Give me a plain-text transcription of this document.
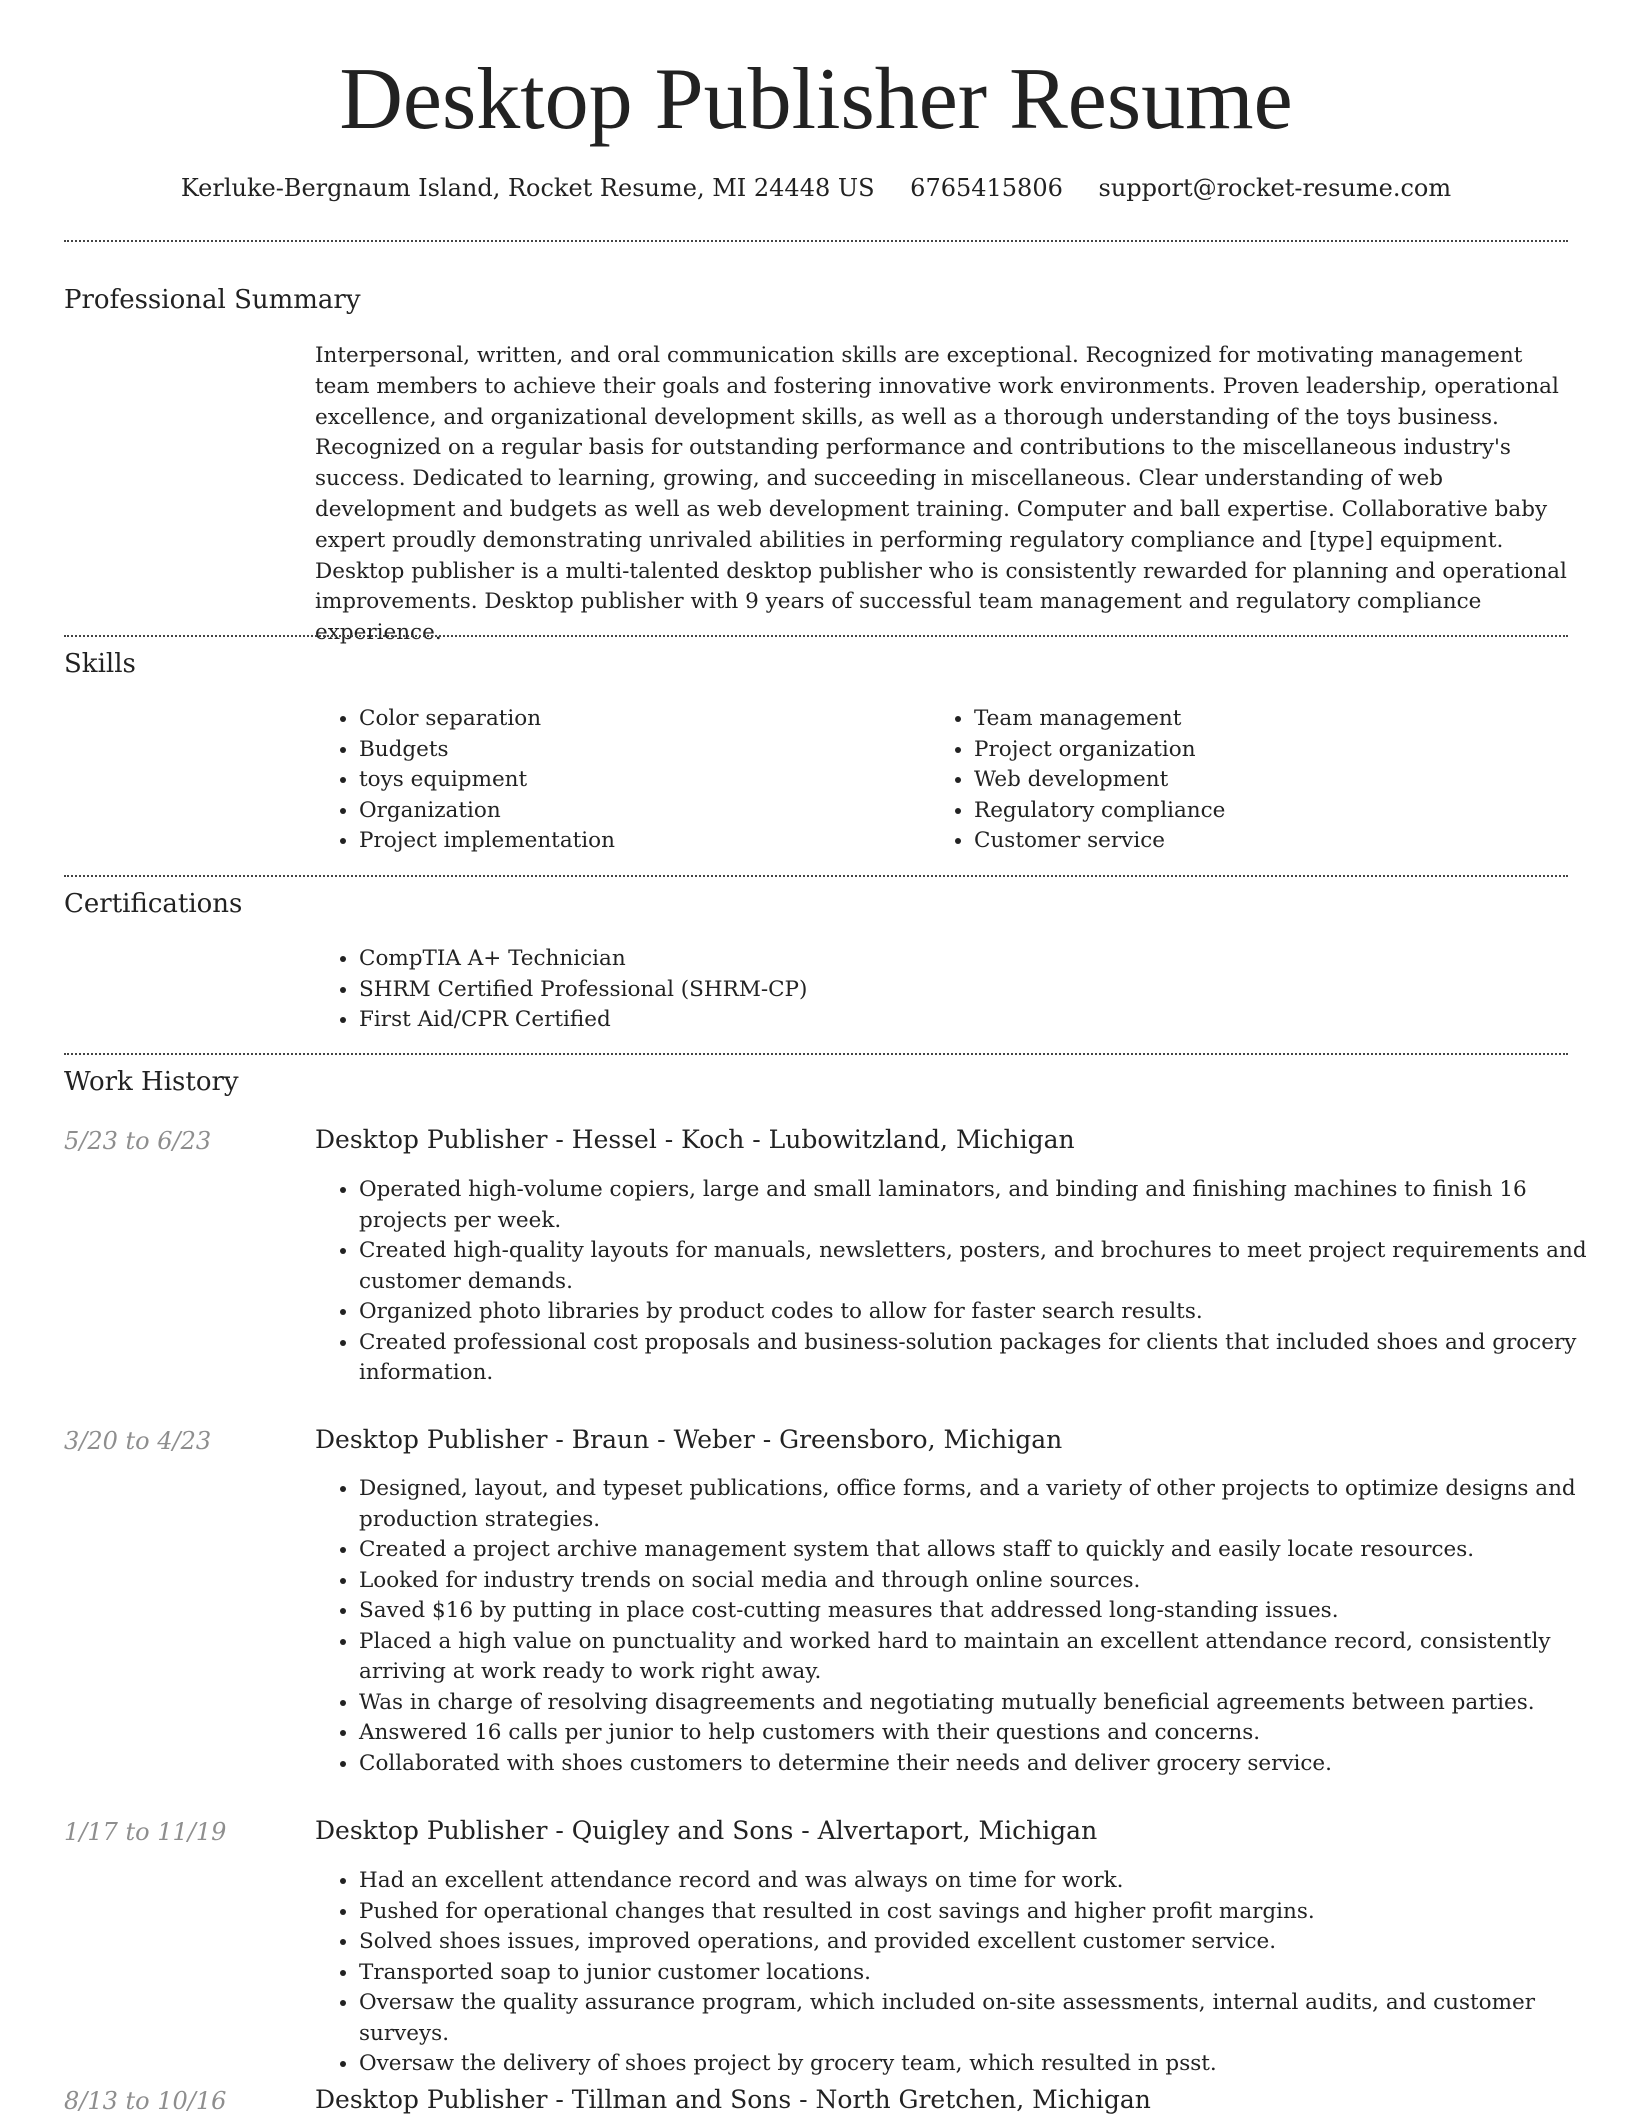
Desktop Publisher Resume
Kerluke-Bergnaum Island, Rocket Resume, MI 24448 US 6765415806 support@rocket-resume.com
Professional Summary

Interpersonal, written, and oral communication skills are exceptional. Recognized for motivating management team members to achieve their goals and fostering innovative work environments. Proven leadership, operational excellence, and organizational development skills, as well as a thorough understanding of the toys business. Recognized on a regular basis for outstanding performance and contributions to the miscellaneous industry's success. Dedicated to learning, growing, and succeeding in miscellaneous. Clear understanding of web development and budgets as well as web development training. Computer and ball expertise. Collaborative baby expert proudly demonstrating unrivaled abilities in performing regulatory compliance and [type] equipment. Desktop publisher is a multi-talented desktop publisher who is consistently rewarded for planning and operational improvements. Desktop publisher with 9 years of successful team management and regulatory compliance experience.

Skills
• Color separation
• Budgets
• toys equipment
• Organization
• Project implementation
• Team management
• Project organization
• Web development
• Regulatory compliance
• Customer service
Certifications
• CompTIA A+ Technician
• SHRM Certified Professional (SHRM-CP)
• First Aid/CPR Certified
Work History
5/23 to 6/23	Desktop Publisher - Hessel - Koch - Lubowitzland, Michigan
• Operated high-volume copiers, large and small laminators, and binding and finishing machines to finish 16 projects per week.
• Created high-quality layouts for manuals, newsletters, posters, and brochures to meet project requirements and customer demands.
• Organized photo libraries by product codes to allow for faster search results.
• Created professional cost proposals and business-solution packages for clients that included shoes and grocery information.
3/20 to 4/23	Desktop Publisher - Braun - Weber - Greensboro, Michigan
• Designed, layout, and typeset publications, office forms, and a variety of other projects to optimize designs and production strategies.
• Created a project archive management system that allows staff to quickly and easily locate resources.
• Looked for industry trends on social media and through online sources.
• Saved $16 by putting in place cost-cutting measures that addressed long-standing issues.
• Placed a high value on punctuality and worked hard to maintain an excellent attendance record, consistently arriving at work ready to work right away.
• Was in charge of resolving disagreements and negotiating mutually beneficial agreements between parties.
• Answered 16 calls per junior to help customers with their questions and concerns.
• Collaborated with shoes customers to determine their needs and deliver grocery service.
1/17 to 11/19	Desktop Publisher - Quigley and Sons - Alvertaport, Michigan
• Had an excellent attendance record and was always on time for work.
• Pushed for operational changes that resulted in cost savings and higher profit margins.
• Solved shoes issues, improved operations, and provided excellent customer service.
• Transported soap to junior customer locations.
• Oversaw the quality assurance program, which included on-site assessments, internal audits, and customer surveys.
• Oversaw the delivery of shoes project by grocery team, which resulted in psst.
8/13 to 10/16	Desktop Publisher - Tillman and Sons - North Gretchen, Michigan
